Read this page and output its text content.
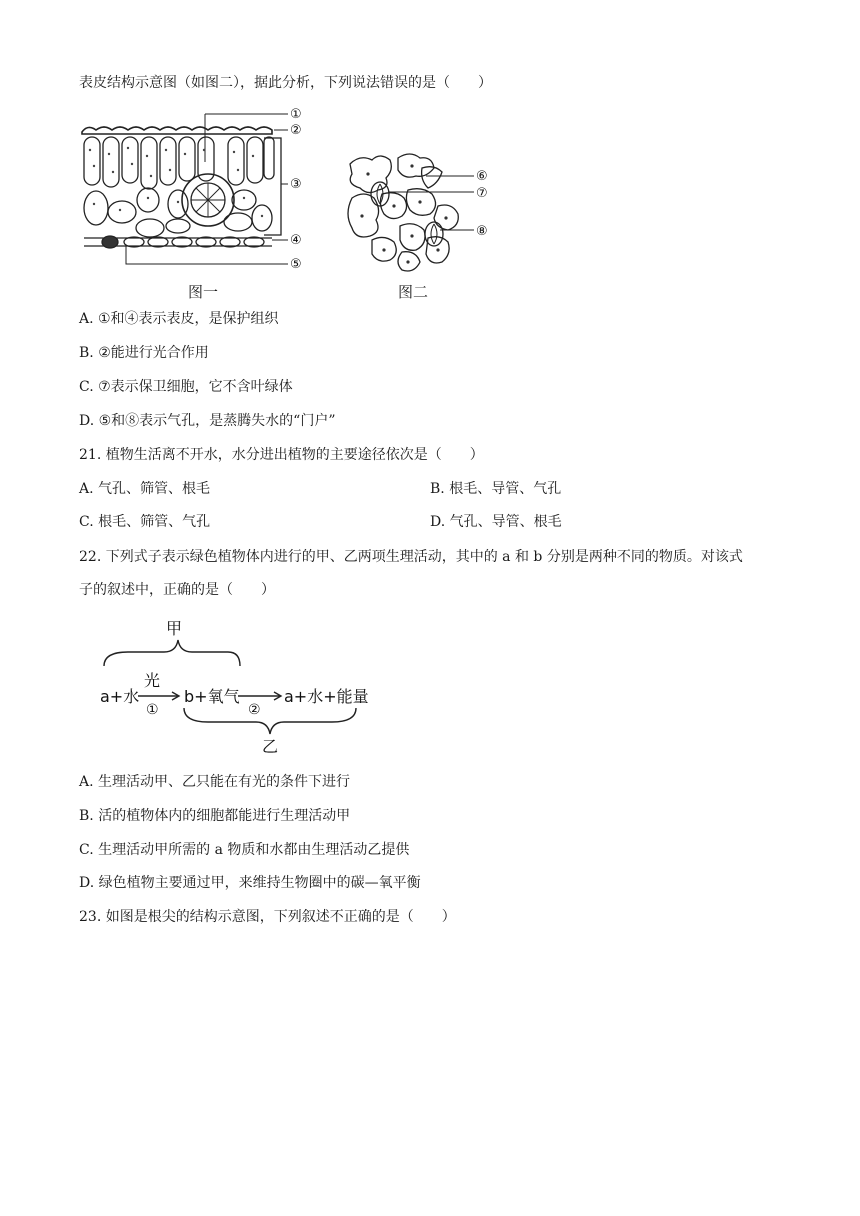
表皮结构示意图（如图二），据此分析，下列说法错误的是（　　）
①
②
③
④
⑤
图一
⑥
⑦
⑧
图二
A. ①和④表示表皮，是保护组织
B. ②能进行光合作用
C. ⑦表示保卫细胞，它不含叶绿体
D. ⑤和⑧表示气孔，是蒸腾失水的“门户”
21. 植物生活离不开水，水分进出植物的主要途径依次是（　　）
A. 气孔、筛管、根毛	B. 根毛、导管、气孔
C. 根毛、筛管、气孔	D. 气孔、导管、根毛
22. 下列式子表示绿色植物体内进行的甲、乙两项生理活动，其中的 a 和 b 分别是两种不同的物质。对该式
子的叙述中，正确的是（　　）
甲
a+水
光
①
b+氧气
②
a+水+能量
乙
A. 生理活动甲、乙只能在有光的条件下进行
B. 活的植物体内的细胞都能进行生理活动甲
C. 生理活动甲所需的 a 物质和水都由生理活动乙提供
D. 绿色植物主要通过甲，来维持生物圈中的碳—氧平衡
23. 如图是根尖的结构示意图，下列叙述不正确的是（　　）
